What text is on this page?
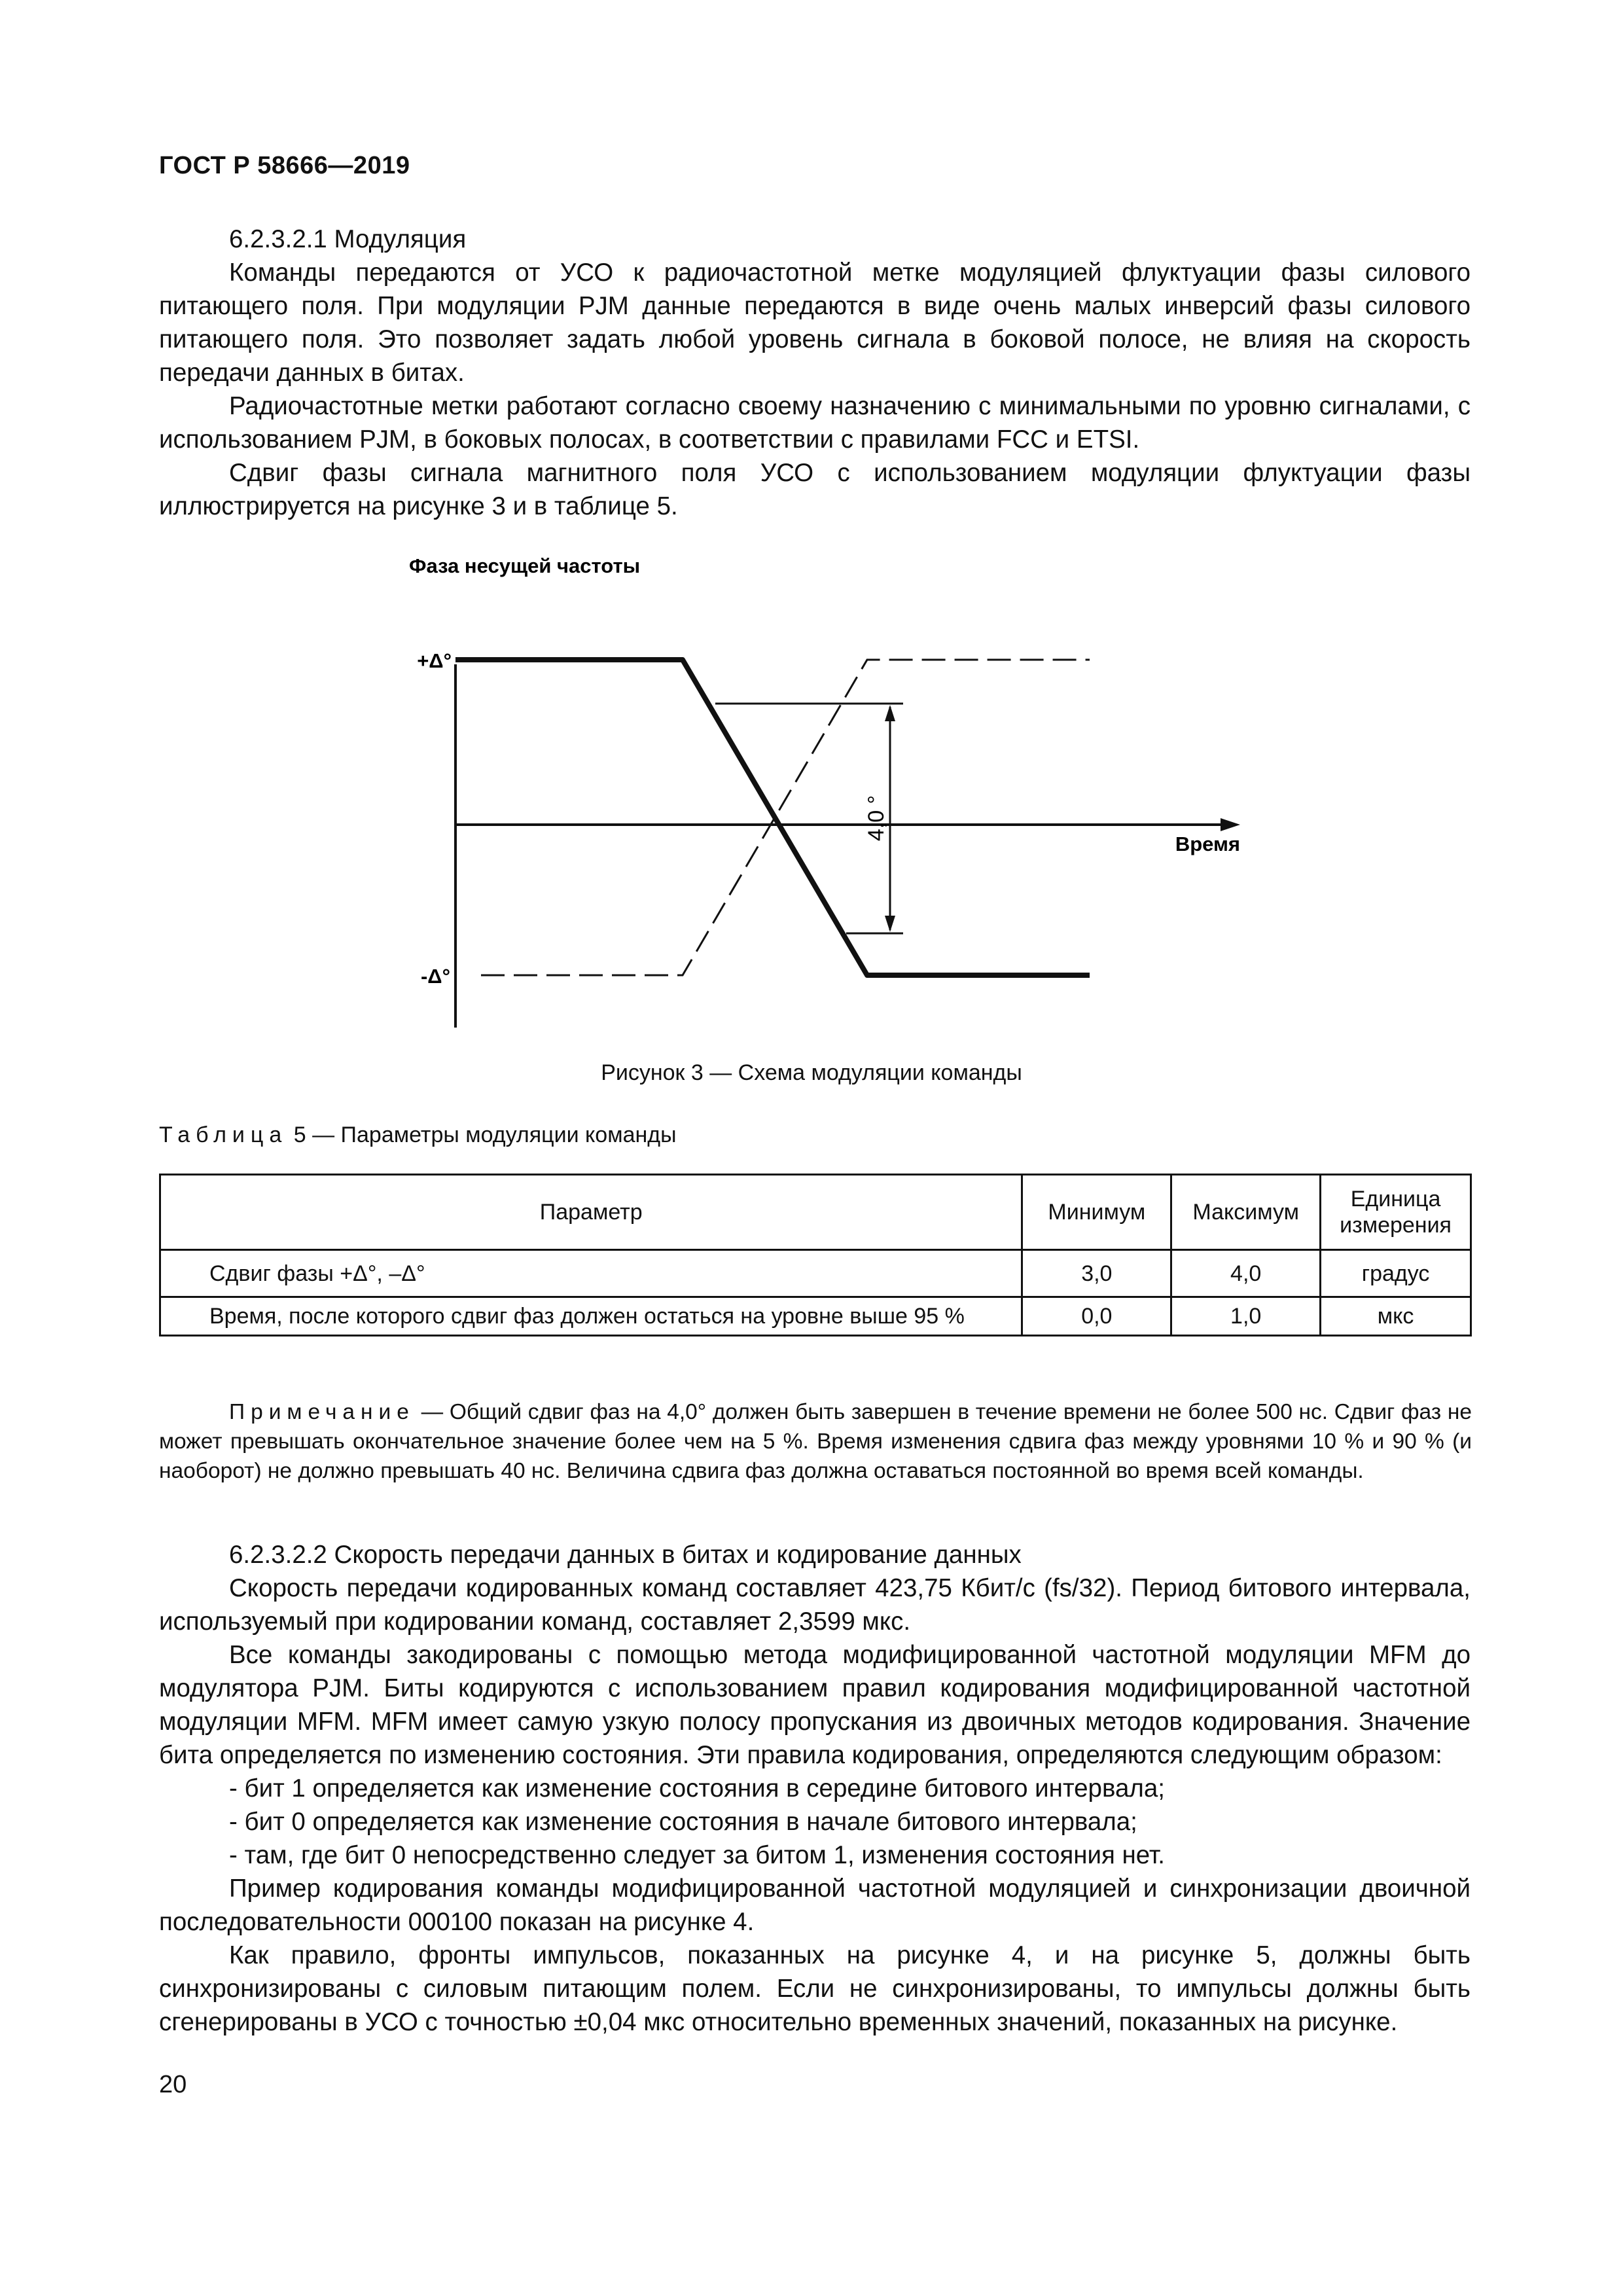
ГОСТ Р 58666—2019

6.2.3.2.1 Модуляция

Команды передаются от УСО к радиочастотной метке модуляцией флуктуации фазы силового питающего поля. При модуляции PJM данные передаются в виде очень малых инверсий фазы силового питающего поля. Это позволяет задать любой уровень сигнала в боковой полосе, не влияя на скорость передачи данных в битах.

Радиочастотные метки работают согласно своему назначению с минимальными по уровню сигналами, с использованием PJM, в боковых полосах, в соответствии с правилами FCC и ETSI.

Сдвиг фазы сигнала магнитного поля УСО с использованием модуляции флуктуации фазы иллюстрируется на рисунке 3 и в таблице 5.

Фаза несущей частоты
+Δ°
-Δ°
Время
4,0 °
Рисунок 3 — Схема модуляции команды
Таблица 5 — Параметры модуляции команды
Параметр	Минимум	Максимум	Единица измерения
Сдвиг фазы +Δ°, –Δ°	3,0	4,0	градус
Время, после которого сдвиг фаз должен остаться на уровне выше 95 %	0,0	1,0	мкс

Примечание — Общий сдвиг фаз на 4,0° должен быть завершен в течение времени не более 500 нс. Сдвиг фаз не может превышать окончательное значение более чем на 5 %. Время изменения сдвига фаз между уровнями 10 % и 90 % (и наоборот) не должно превышать 40 нс. Величина сдвига фаз должна оставаться постоянной во время всей команды.

6.2.3.2.2 Скорость передачи данных в битах и кодирование данных

Скорость передачи кодированных команд составляет 423,75 Кбит/с (fs/32). Период битового интервала, используемый при кодировании команд, составляет 2,3599 мкс.

Все команды закодированы с помощью метода модифицированной частотной модуляции MFM до модулятора PJM. Биты кодируются с использованием правил кодирования модифицированной частотной модуляции MFM. MFM имеет самую узкую полосу пропускания из двоичных методов кодирования. Значение бита определяется по изменению состояния. Эти правила кодирования, определяются следующим образом:

- бит 1 определяется как изменение состояния в середине битового интервала;

- бит 0 определяется как изменение состояния в начале битового интервала;

- там, где бит 0 непосредственно следует за битом 1, изменения состояния нет.

Пример кодирования команды модифицированной частотной модуляцией и синхронизации двоичной последовательности 000100 показан на рисунке 4.

Как правило, фронты импульсов, показанных на рисунке 4, и на рисунке 5, должны быть синхронизированы с силовым питающим полем. Если не синхронизированы, то импульсы должны быть сгенерированы в УСО с точностью ±0,04 мкс относительно временных значений, показанных на рисунке.

20
